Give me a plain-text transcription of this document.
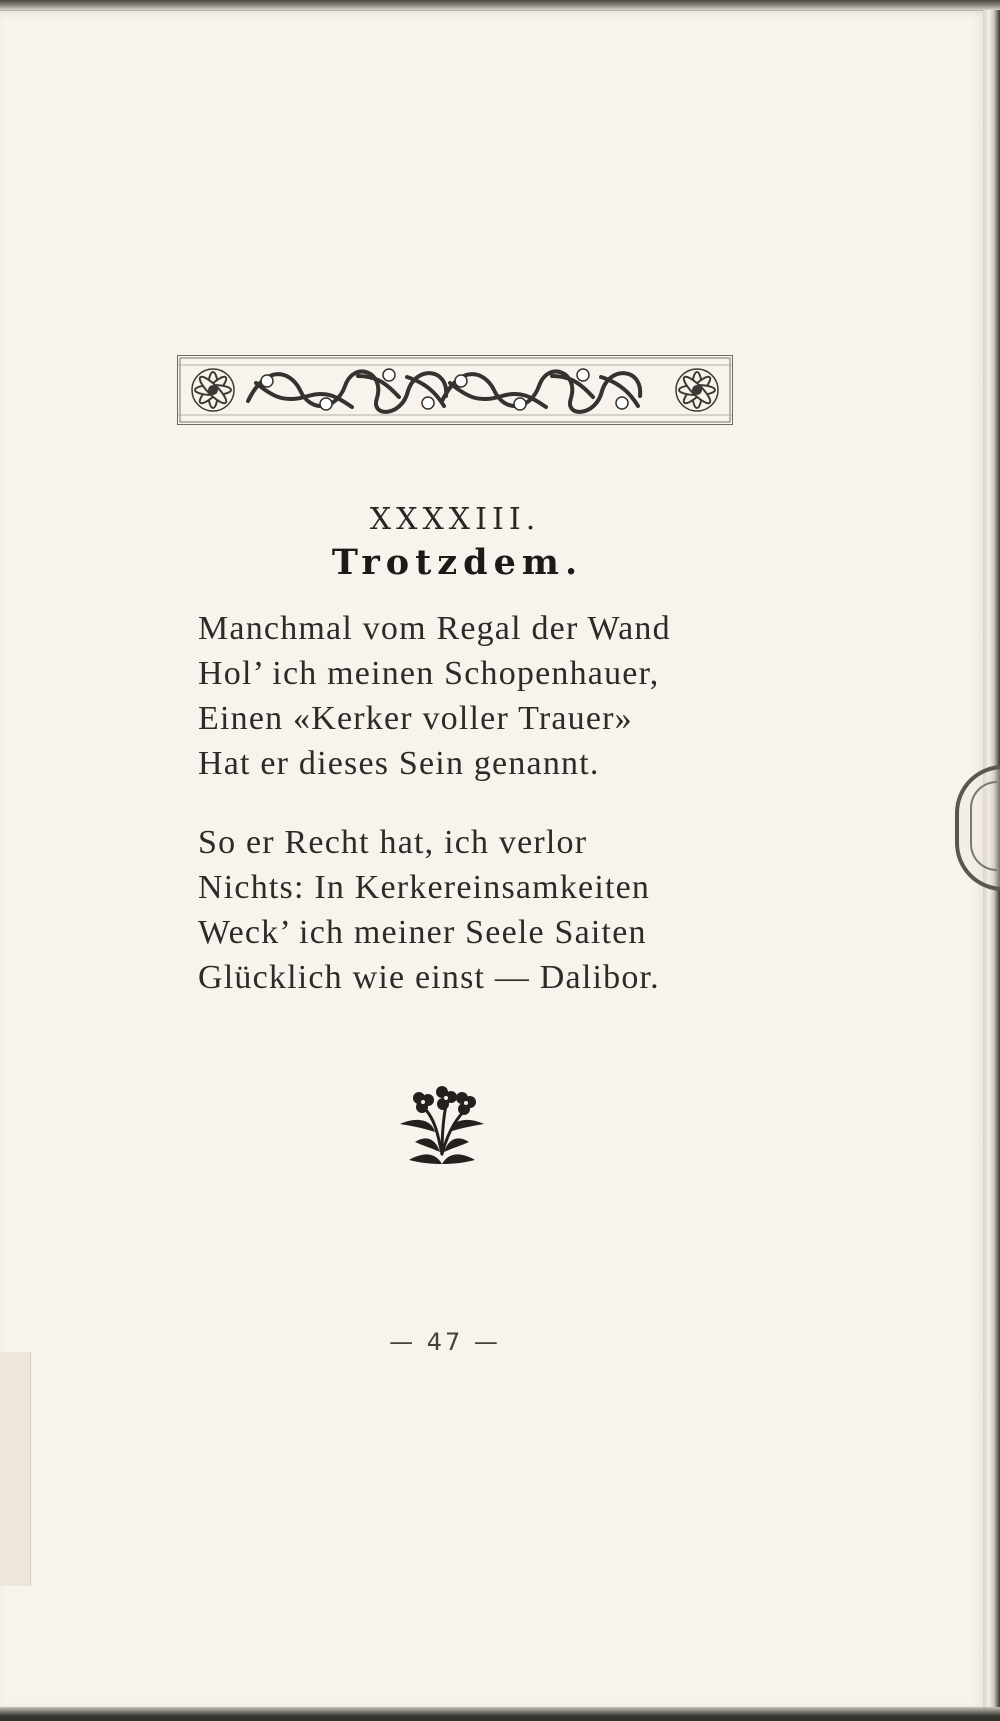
XXXXIII.
Trotzdem.
Manchmal vom Regal der Wand
Hol’ ich meinen Schopenhauer,
Einen «Kerker voller Trauer»
Hat er dieses Sein genannt.
So er Recht hat, ich verlor
Nichts: In Kerkereinsamkeiten
Weck’ ich meiner Seele Saiten
Glücklich wie einst — Dalibor.
— 47 —
